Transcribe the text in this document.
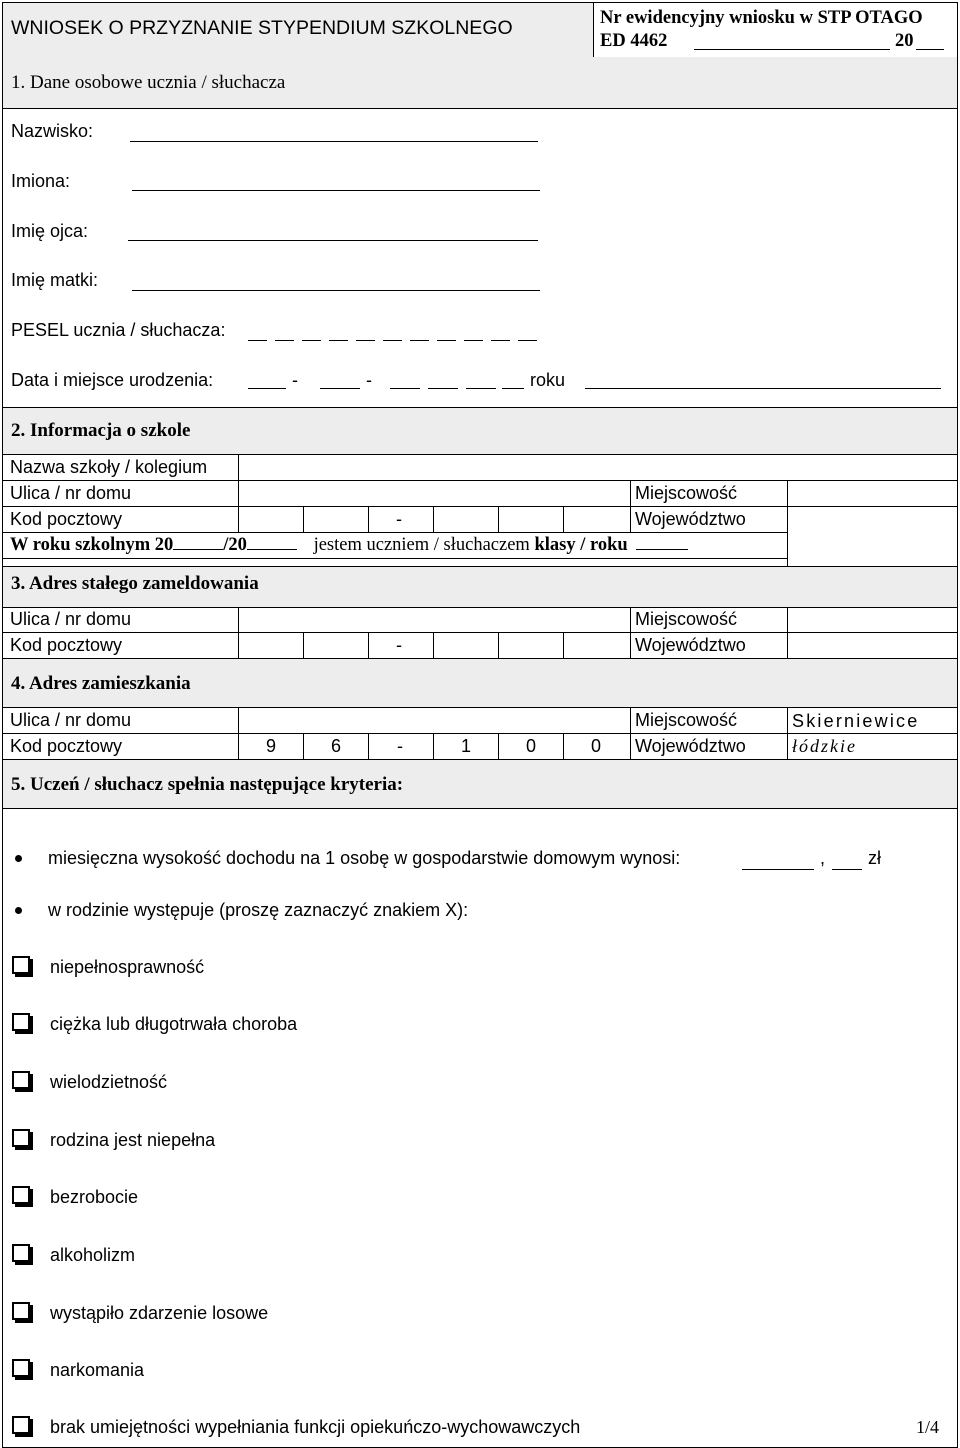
WNIOSEK O PRZYZNANIE STYPENDIUM SZKOLNEGO	Nr ewidencyjny wniosku w STP OTAGO
ED 4462	20
1. Dane osobowe ucznia / słuchacza
Nazwisko:
Imiona:
Imię ojca:
Imię matki:
PESEL ucznia / słuchacza:
Data i miejsce urodzenia:	-	-	roku
2. Informacja o szkole
Nazwa szkoły / kolegium
Ulica / nr domu	Miejscowość
Kod pocztowy	-	Województwo
W roku szkolnym 20	/20	jestem uczniem / słuchaczem klasy / roku
3. Adres stałego zameldowania
Ulica / nr domu	Miejscowość
Kod pocztowy	-	Województwo
4. Adres zamieszkania
Ulica / nr domu	Miejscowość	Skierniewice
Kod pocztowy	9	6	-	1	0	0 Województwo	łódzkie
5. Uczeń / słuchacz spełnia następujące kryteria:
miesięczna wysokość dochodu na 1 osobę w gospodarstwie domowym wynosi:	, zł
w rodzinie występuje (proszę zaznaczyć znakiem X):
niepełnosprawność
ciężka lub długotrwała choroba
wielodzietność
rodzina jest niepełna
bezrobocie
alkoholizm
wystąpiło zdarzenie losowe
narkomania
brak umiejętności wypełniania funkcji opiekuńczo-wychowawczych	1/4
